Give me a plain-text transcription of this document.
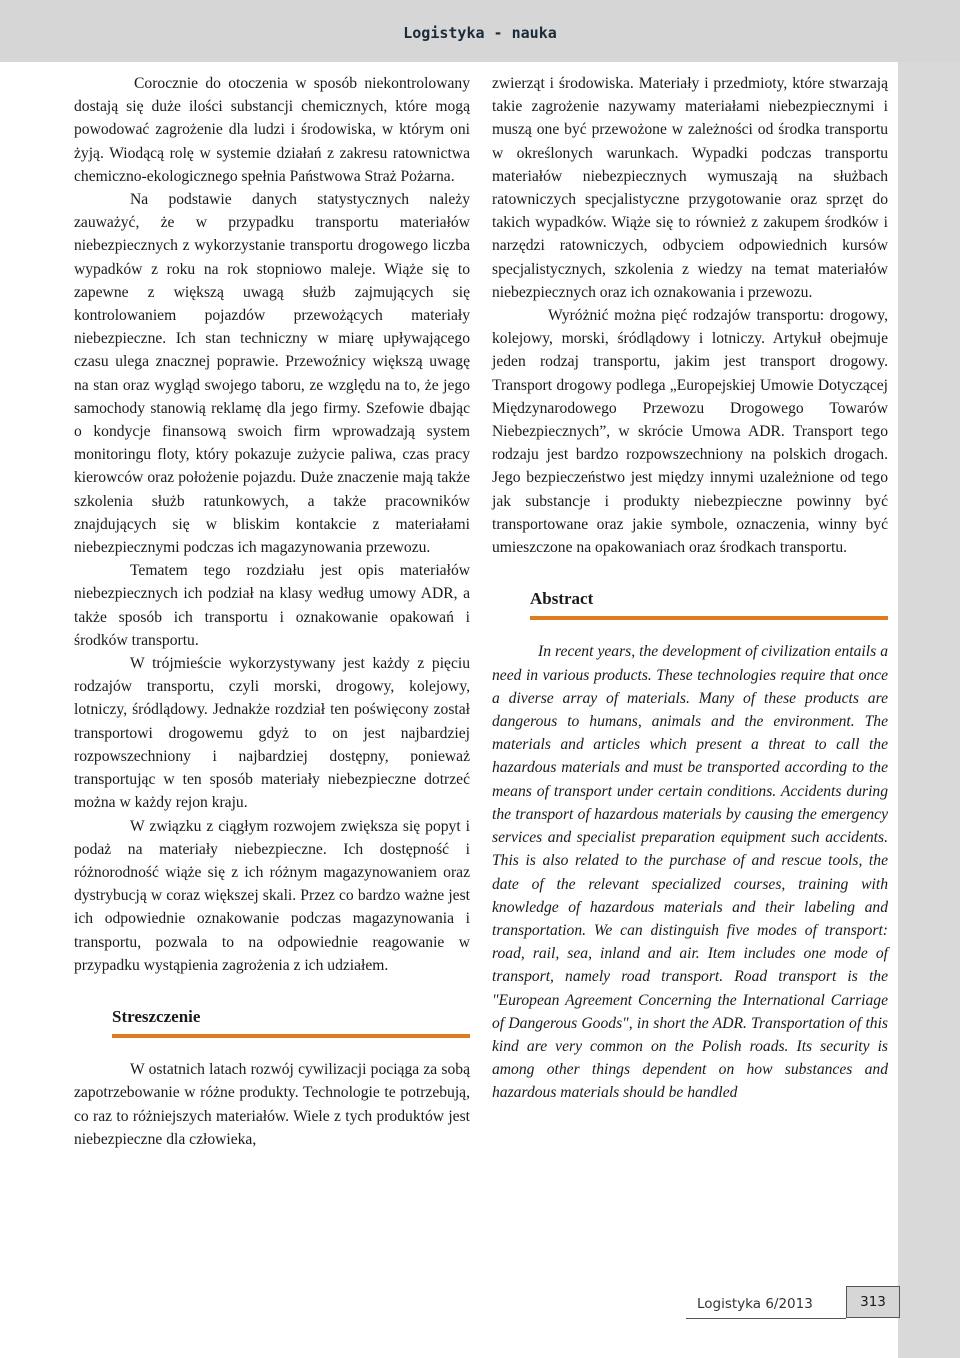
Logistyka - nauka

Corocznie do otoczenia w sposób niekontrolowany dostają się duże ilości substancji chemicznych, które mogą powodować zagrożenie dla ludzi i środowiska, w którym oni żyją. Wiodącą rolę w systemie działań z zakresu ratownictwa chemiczno-ekologicznego spełnia Państwowa Straż Pożarna.

Na podstawie danych statystycznych należy zauważyć, że w przypadku transportu materiałów niebezpiecznych z wykorzystanie transportu drogowego liczba wypadków z roku na rok stopniowo maleje. Wiąże się to zapewne z większą uwagą służb zajmujących się kontrolowaniem pojazdów przewożących materiały niebezpieczne. Ich stan techniczny w miarę upływającego czasu ulega znacznej poprawie. Przewoźnicy większą uwagę na stan oraz wygląd swojego taboru, ze względu na to, że jego samochody stanowią reklamę dla jego firmy. Szefowie dbając o kondycje finansową swoich firm wprowadzają system monitoringu floty, który pokazuje zużycie paliwa, czas pracy kierowców oraz położenie pojazdu. Duże znaczenie mają także szkolenia służb ratunkowych, a także pracowników znajdujących się w bliskim kontakcie z materiałami niebezpiecznymi podczas ich magazynowania przewozu.

Tematem tego rozdziału jest opis materiałów niebezpiecznych ich podział na klasy według umowy ADR, a także sposób ich transportu i oznakowanie opakowań i środków transportu.

W trójmieście wykorzystywany jest każdy z pięciu rodzajów transportu, czyli morski, drogowy, kolejowy, lotniczy, śródlądowy. Jednakże rozdział ten poświęcony został transportowi drogowemu gdyż to on jest najbardziej rozpowszechniony i najbardziej dostępny, ponieważ transportując w ten sposób materiały niebezpieczne dotrzeć można w każdy rejon kraju.

W związku z ciągłym rozwojem zwiększa się popyt i podaż na materiały niebezpieczne. Ich dostępność i różnorodność wiąże się z ich różnym magazynowaniem oraz dystrybucją w coraz większej skali. Przez co bardzo ważne jest ich odpowiednie oznakowanie podczas magazynowania i transportu, pozwala to na odpowiednie reagowanie w przypadku wystąpienia zagrożenia z ich udziałem.

Streszczenie

W ostatnich latach rozwój cywilizacji pociąga za sobą zapotrzebowanie w różne produkty. Technologie te potrzebują, co raz to różniejszych materiałów. Wiele z tych produktów jest niebezpieczne dla człowieka,

zwierząt i środowiska. Materiały i przedmioty, które stwarzają takie zagrożenie nazywamy materiałami niebezpiecznymi i muszą one być przewożone w zależności od środka transportu w określonych warunkach. Wypadki podczas transportu materiałów niebezpiecznych wymuszają na służbach ratowniczych specjalistyczne przygotowanie oraz sprzęt do takich wypadków. Wiąże się to również z zakupem środków i narzędzi ratowniczych, odbyciem odpowiednich kursów specjalistycznych, szkolenia z wiedzy na temat materiałów niebezpiecznych oraz ich oznakowania i przewozu.

Wyróżnić można pięć rodzajów transportu: drogowy, kolejowy, morski, śródlądowy i lotniczy. Artykuł obejmuje jeden rodzaj transportu, jakim jest transport drogowy. Transport drogowy podlega „Europejskiej Umowie Dotyczącej Międzynarodowego Przewozu Drogowego Towarów Niebezpiecznych”, w skrócie Umowa ADR. Transport tego rodzaju jest bardzo rozpowszechniony na polskich drogach. Jego bezpieczeństwo jest między innymi uzależnione od tego jak substancje i produkty niebezpieczne powinny być transportowane oraz jakie symbole, oznaczenia, winny być umieszczone na opakowaniach oraz środkach transportu.

Abstract

In recent years, the development of civilization entails a need in various products. These technologies require that once a diverse array of materials. Many of these products are dangerous to humans, animals and the environment. The materials and articles which present a threat to call the hazardous materials and must be transported according to the means of transport under certain conditions. Accidents during the transport of hazardous materials by causing the emergency services and specialist preparation equipment such accidents. This is also related to the purchase of and rescue tools, the date of the relevant specialized courses, training with knowledge of hazardous materials and their labeling and transportation. We can distinguish five modes of transport: road, rail, sea, inland and air. Item includes one mode of transport, namely road transport. Road transport is the "European Agreement Concerning the International Carriage of Dangerous Goods", in short the ADR. Transportation of this kind are very common on the Polish roads. Its security is among other things dependent on how substances and hazardous materials should be handled

Logistyka 6/2013	313
